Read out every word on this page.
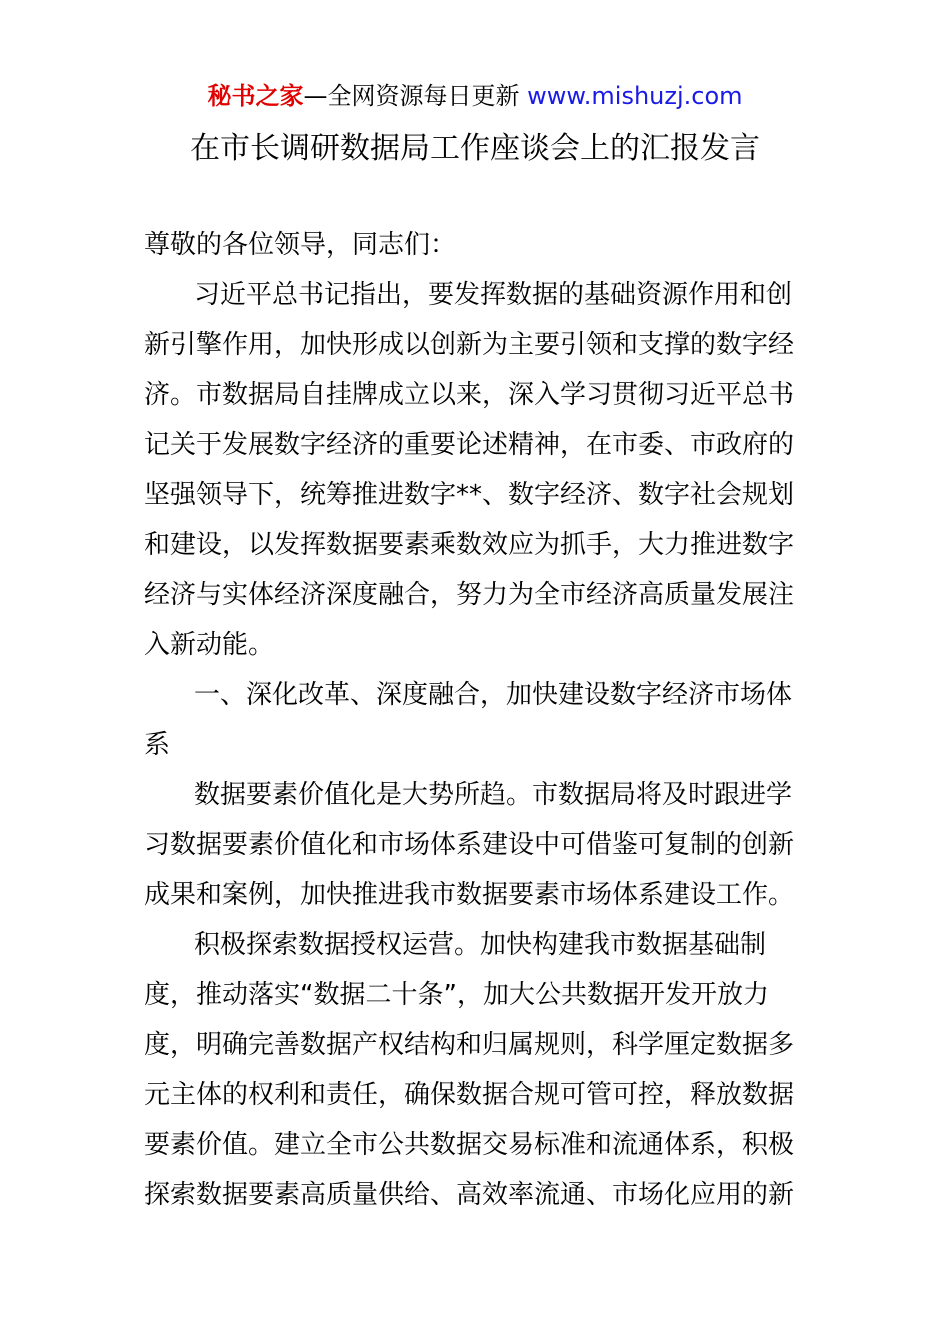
秘书之家—全网资源每日更新 www.mishuzj.com
在市长调研数据局工作座谈会上的汇报发言
尊敬的各位领导，同志们：
习近平总书记指出，要发挥数据的基础资源作用和创
新引擎作用，加快形成以创新为主要引领和支撑的数字经
济。市数据局自挂牌成立以来，深入学习贯彻习近平总书
记关于发展数字经济的重要论述精神，在市委、市政府的
坚强领导下，统筹推进数字**、数字经济、数字社会规划
和建设，以发挥数据要素乘数效应为抓手，大力推进数字
经济与实体经济深度融合，努力为全市经济高质量发展注
入新动能。
一、深化改革、深度融合，加快建设数字经济市场体
系
数据要素价值化是大势所趋。市数据局将及时跟进学
习数据要素价值化和市场体系建设中可借鉴可复制的创新
成果和案例，加快推进我市数据要素市场体系建设工作。
积极探索数据授权运营。加快构建我市数据基础制
度，推动落实“数据二十条”，加大公共数据开发开放力
度，明确完善数据产权结构和归属规则，科学厘定数据多
元主体的权利和责任，确保数据合规可管可控，释放数据
要素价值。建立全市公共数据交易标准和流通体系，积极
探索数据要素高质量供给、高效率流通、市场化应用的新
